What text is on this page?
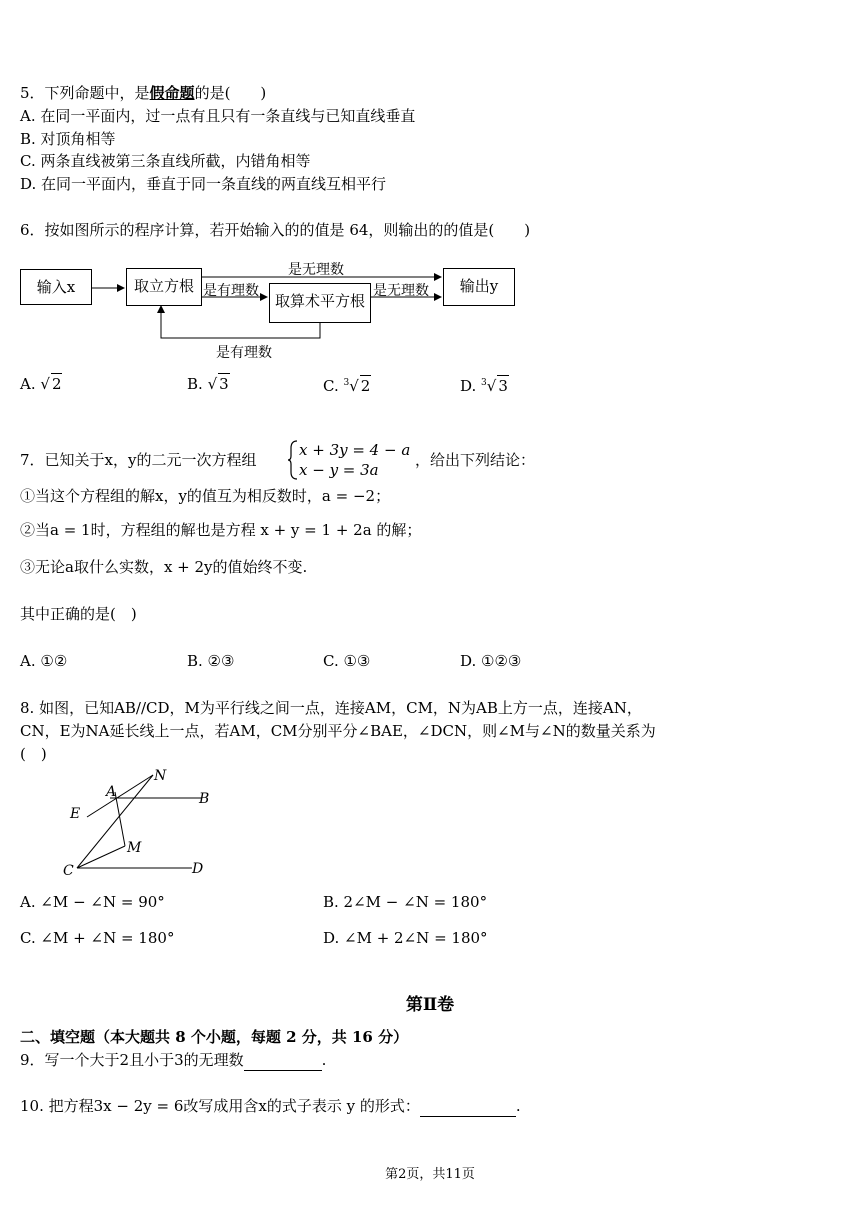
5．下列命题中，是假命题的是(　　)
A. 在同一平面内，过一点有且只有一条直线与已知直线垂直
B. 对顶角相等
C. 两条直线被第三条直线所截，内错角相等
D. 在同一平面内，垂直于同一条直线的两直线互相平行
6．按如图所示的程序计算，若开始输入的的值是 64，则输出的的值是(　　)
输入x	取立方根
取算术平方根
输出y
是无理数
是有理数	是无理数
是有理数
A. √ 2	B. √ 3	C. $^3$√ 2	D. $^3$√ 3
7．已知关于x，y的二元一次方程组
x + 3y = 4 − a
x − y = 3a
，给出下列结论：
①当这个方程组的解x，y的值互为相反数时，a = −2；
②当a = 1时，方程组的解也是方程 x + y = 1 + 2a 的解；
③无论a取什么实数，x + 2y的值始终不变.
其中正确的是(　)
A. ①②	B. ②③	C. ①③	D. ①②③
8. 如图，已知AB//CD，M为平行线之间一点，连接AM，CM，N为AB上方一点，连接AN，
CN，E为NA延长线上一点，若AM，CM分别平分∠BAE，∠DCN，则∠M与∠N的数量关系为
(　)
A	B
E
N
M
C	D
A. ∠M − ∠N = 90°	B. 2∠M − ∠N = 180°
C. ∠M + ∠N = 180°	D. ∠M + 2∠N = 180°
第Ⅱ卷
二、填空题（本大题共 8 个小题，每题 2 分，共 16 分）
9．写一个大于2且小于3的无理数	.
10. 把方程3x − 2y = 6改写成用含x的式子表示 y 的形式：	.
第2页，共11页
